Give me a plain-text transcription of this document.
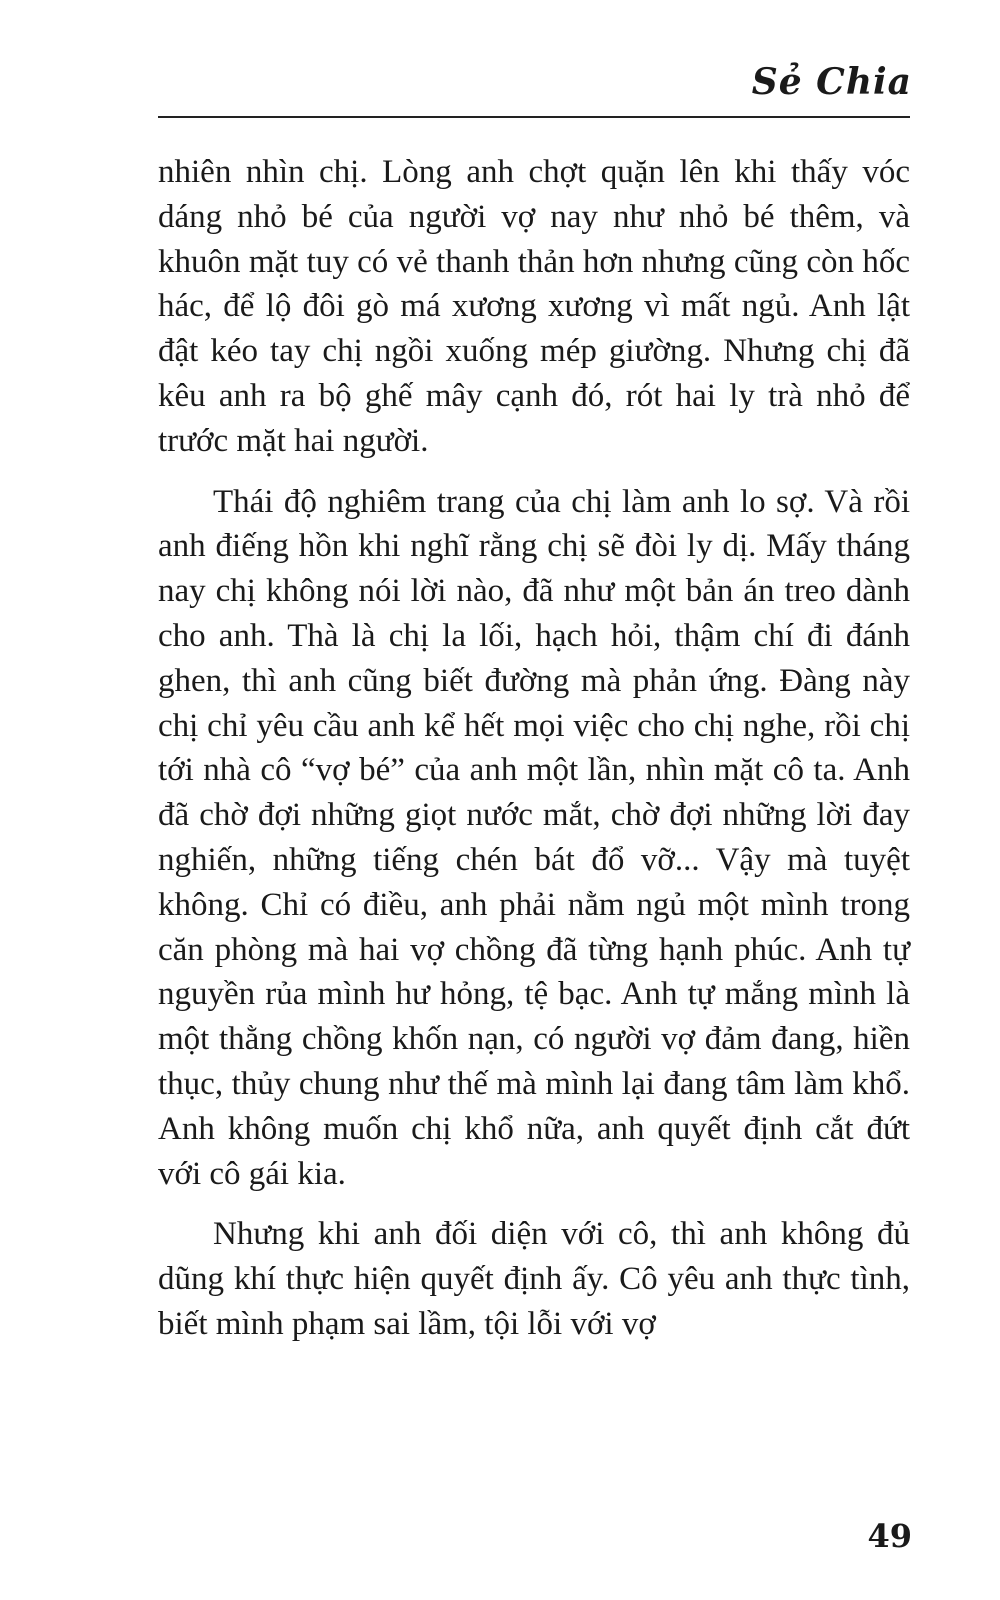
Sẻ Chia

nhiên nhìn chị. Lòng anh chợt quặn lên khi thấy vóc dáng nhỏ bé của người vợ nay như nhỏ bé thêm, và khuôn mặt tuy có vẻ thanh thản hơn nhưng cũng còn hốc hác, để lộ đôi gò má xương xương vì mất ngủ. Anh lật đật kéo tay chị ngồi xuống mép giường. Nhưng chị đã kêu anh ra bộ ghế mây cạnh đó, rót hai ly trà nhỏ để trước mặt hai người.

Thái độ nghiêm trang của chị làm anh lo sợ. Và rồi anh điếng hồn khi nghĩ rằng chị sẽ đòi ly dị. Mấy tháng nay chị không nói lời nào, đã như một bản án treo dành cho anh. Thà là chị la lối, hạch hỏi, thậm chí đi đánh ghen, thì anh cũng biết đường mà phản ứng. Đàng này chị chỉ yêu cầu anh kể hết mọi việc cho chị nghe, rồi chị tới nhà cô “vợ bé” của anh một lần, nhìn mặt cô ta. Anh đã chờ đợi những giọt nước mắt, chờ đợi những lời đay nghiến, những tiếng chén bát đổ vỡ... Vậy mà tuyệt không. Chỉ có điều, anh phải nằm ngủ một mình trong căn phòng mà hai vợ chồng đã từng hạnh phúc. Anh tự nguyền rủa mình hư hỏng, tệ bạc. Anh tự mắng mình là một thằng chồng khốn nạn, có người vợ đảm đang, hiền thục, thủy chung như thế mà mình lại đang tâm làm khổ. Anh không muốn chị khổ nữa, anh quyết định cắt đứt với cô gái kia.

Nhưng khi anh đối diện với cô, thì anh không đủ dũng khí thực hiện quyết định ấy. Cô yêu anh thực tình, biết mình phạm sai lầm, tội lỗi với vợ

49
